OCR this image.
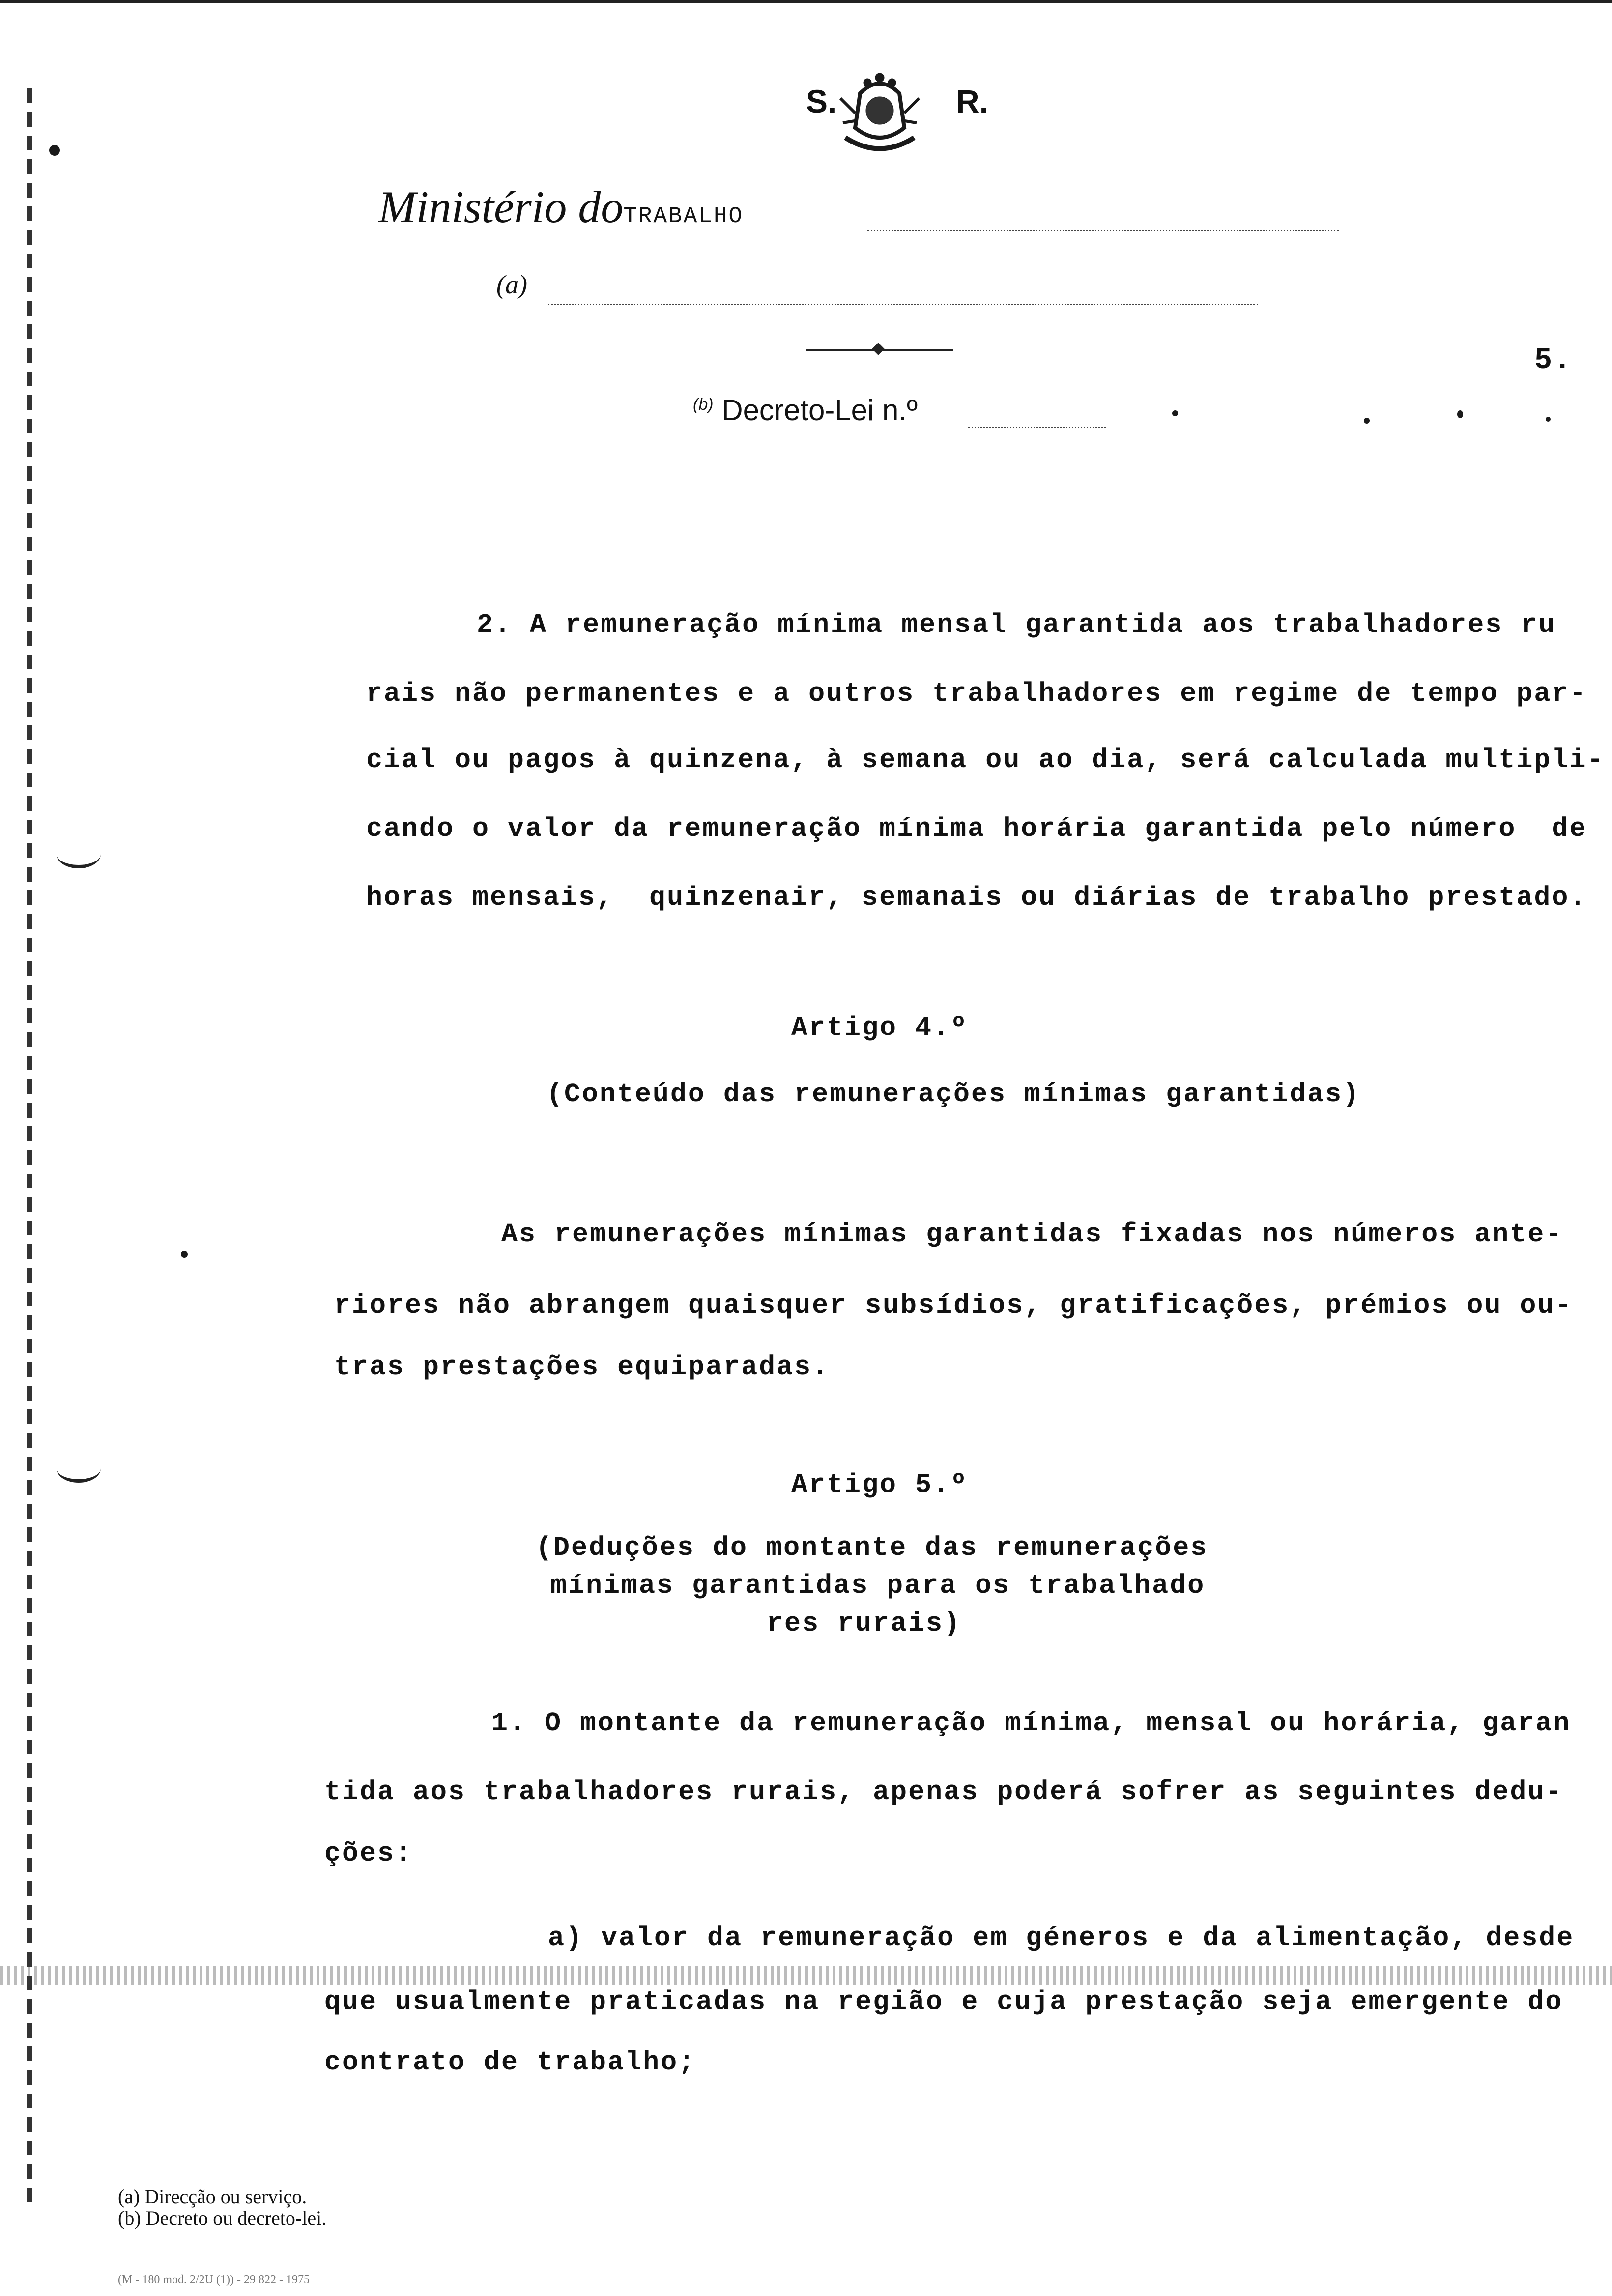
S.	R.
Ministério doTRABALHO
(a)
5.
$^{(b)}$ Decreto-Lei n.º
2. A remuneração mínima mensal garantida aos trabalhadores ru
rais não permanentes e a outros trabalhadores em regime de tempo par-
cial ou pagos à quinzena, à semana ou ao dia, será calculada multipli-
cando o valor da remuneração mínima horária garantida pelo número  de
horas mensais,  quinzenair, semanais ou diárias de trabalho prestado.
Artigo 4.º
(Conteúdo das remunerações mínimas garantidas)
As remunerações mínimas garantidas fixadas nos números ante-
riores não abrangem quaisquer subsídios, gratificações, prémios ou ou-
tras prestações equiparadas.
Artigo 5.º
(Deduções do montante das remunerações
mínimas garantidas para os trabalhado
res rurais)
1. O montante da remuneração mínima, mensal ou horária, garan
tida aos trabalhadores rurais, apenas poderá sofrer as seguintes dedu-
ções:
a) valor da remuneração em géneros e da alimentação, desde
que usualmente praticadas na região e cuja prestação seja emergente do
contrato de trabalho;
(a) Direcção ou serviço.
(b) Decreto ou decreto-lei.
(M - 180 mod. 2/2U (1)) - 29 822 - 1975
